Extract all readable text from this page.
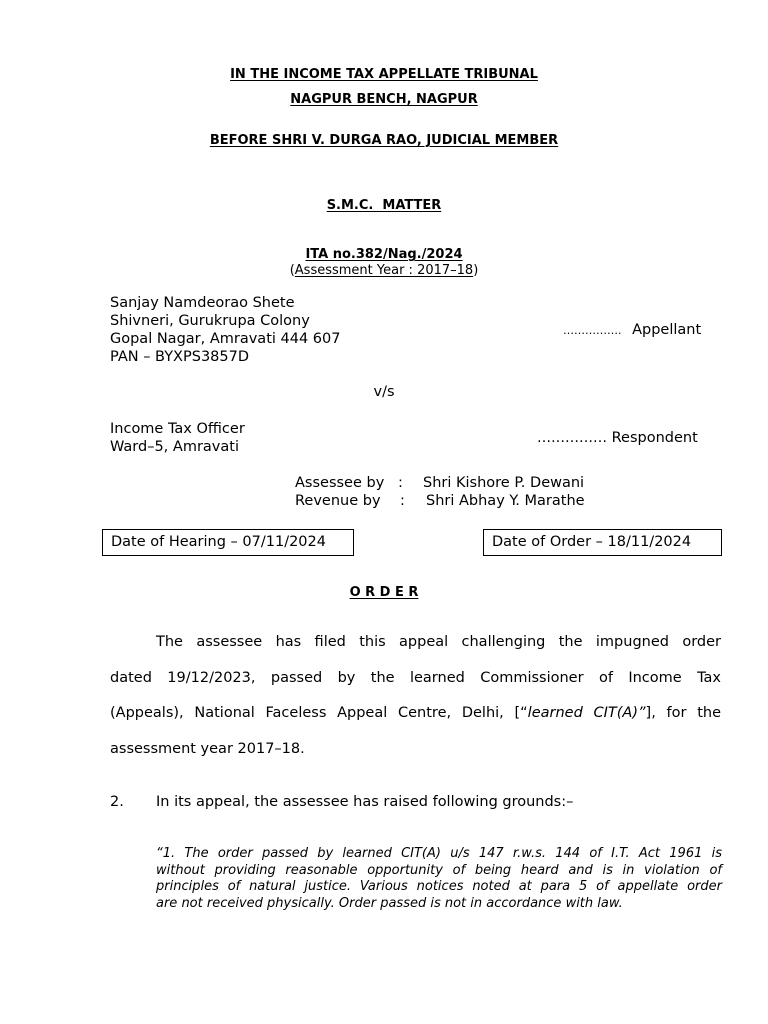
IN THE INCOME TAX APPELLATE TRIBUNAL
NAGPUR BENCH, NAGPUR
BEFORE SHRI V. DURGA RAO, JUDICIAL MEMBER
S.M.C.  MATTER
ITA no.382/Nag./2024
(Assessment Year : 2017–18)
Sanjay Namdeorao Shete
Shivneri, Gurukrupa Colony
Gopal Nagar, Amravati 444 607
PAN – BYXPS3857D
……………. Appellant
v/s
Income Tax Officer
Ward–5, Amravati
…………… Respondent
Assessee by : Shri Kishore P. Dewani
Revenue by : Shri Abhay Y. Marathe
Date of Hearing – 07/11/2024	Date of Order – 18/11/2024
O R D E R
The assessee has filed this appeal challenging the impugned order
dated 19/12/2023, passed by the learned Commissioner of Income Tax
(Appeals), National Faceless Appeal Centre, Delhi, [“learned CIT(A)”], for the
assessment year 2017–18.
2. In its appeal, the assessee has raised following grounds:–
“1. The order passed by learned CIT(A) u/s 147 r.w.s. 144 of I.T. Act 1961 is
without providing reasonable opportunity of being heard and is in violation of
principles of natural justice. Various notices noted at para 5 of appellate order
are not received physically. Order passed is not in accordance with law.
